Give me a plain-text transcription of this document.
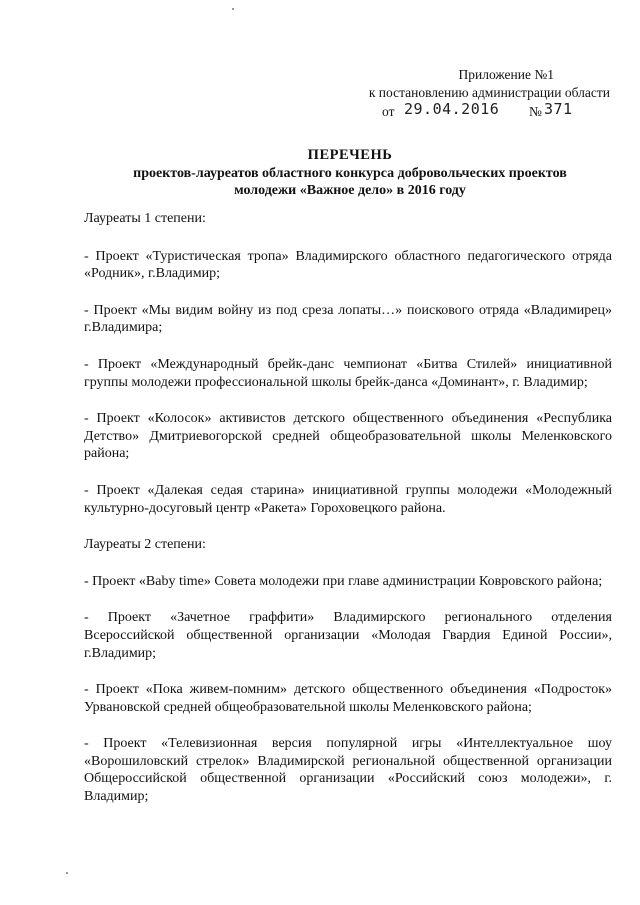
Приложение №1
к постановлению администрации области
от 29.04.2016 № 371
ПЕРЕЧЕНЬ
проектов-лауреатов областного конкурса добровольческих проектов
молодежи «Важное дело» в 2016 году

Лауреаты 1 степени:

- Проект «Туристическая тропа» Владимирского областного педагогического отряда «Родник», г.Владимир;

- Проект «Мы видим войну из под среза лопаты…» поискового отряда «Владимирец» г.Владимира;

- Проект «Международный брейк-данс чемпионат «Битва Стилей» инициативной группы молодежи профессиональной школы брейк-данса «Доминант», г. Владимир;

- Проект «Колосок» активистов детского общественного объединения «Республика Детство» Дмитриевогорской средней общеобразовательной школы Меленковского района;

- Проект «Далекая седая старина» инициативной группы молодежи «Молодежный культурно-досуговый центр «Ракета» Гороховецкого района.

Лауреаты 2 степени:

- Проект «Baby time» Совета молодежи при главе администрации Ковровского района;

- Проект «Зачетное граффити» Владимирского регионального отделения Всероссийской общественной организации «Молодая Гвардия Единой России», г.Владимир;

- Проект «Пока живем-помним» детского общественного объединения «Подросток» Урвановской средней общеобразовательной школы Меленковского района;

- Проект «Телевизионная версия популярной игры «Интеллектуальное шоу «Ворошиловский стрелок» Владимирской региональной общественной организации Общероссийской общественной организации «Российский союз молодежи», г. Владимир;
